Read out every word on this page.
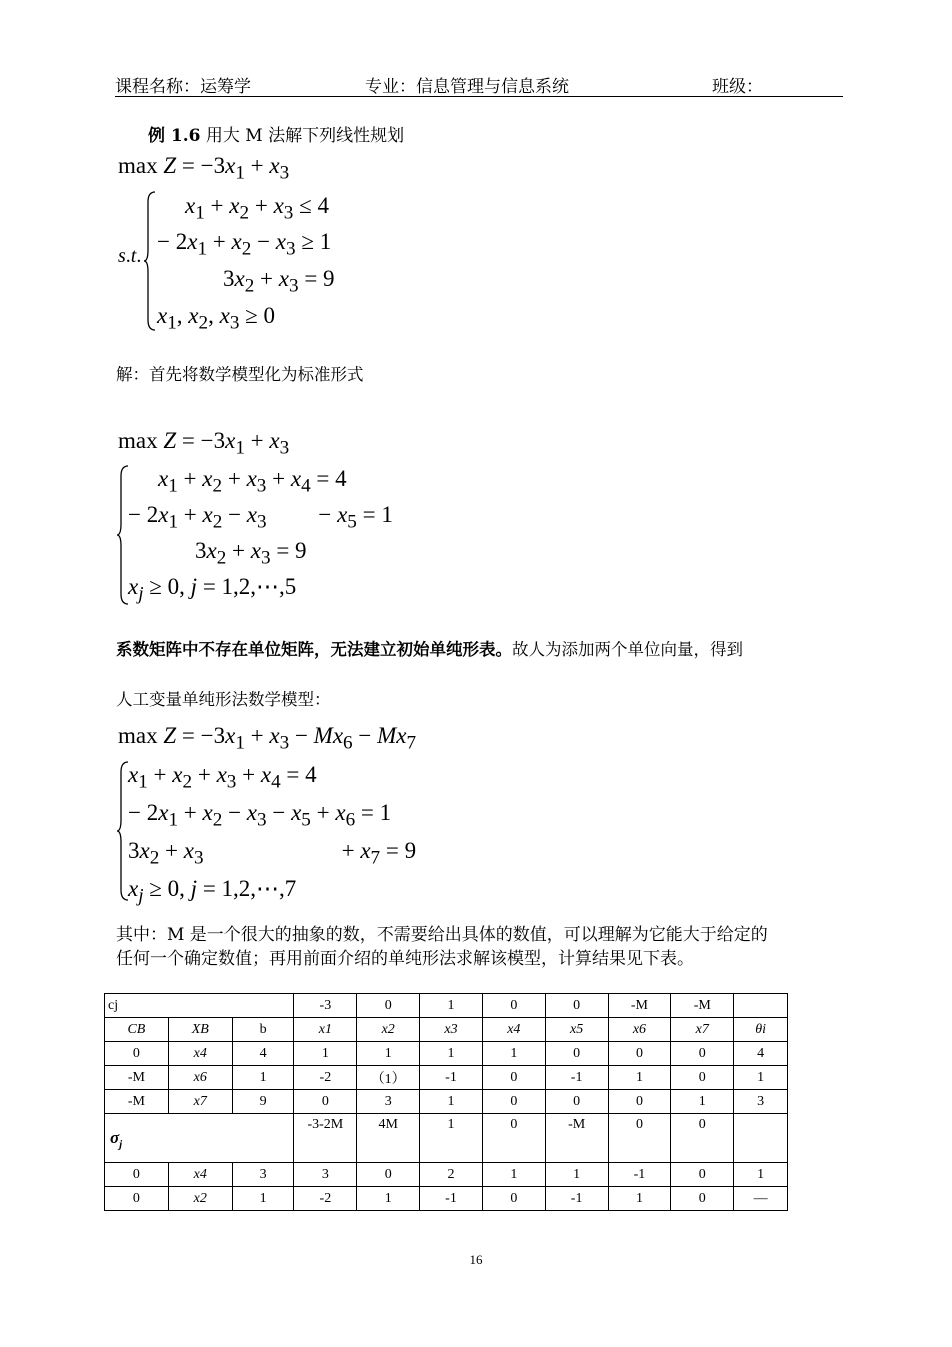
课程名称：运筹学	专业：信息管理与信息系统	班级：
例 1.6 用大 M 法解下列线性规划
$\max Z = -3x_1 + x_3$
s.t.
$x_1 + x_2 + x_3 \le 4$
− $2x_1 + x_2 - x_3 \ge 1$
$3x_2 + x_3 = 9$
$x_1$, $x_2$, $x_3 \ge 0$
解：首先将数学模型化为标准形式
$\max Z = -3x_1 + x_3$
$x_1 + x_2 + x_3 + x_4 = 4$
− $2x_1 + x_2 - x_3$         − $x_5 = 1$
$3x_2 + x_3 = 9$
$x_j \ge 0$, j = 1,2,⋯,5
系数矩阵中不存在单位矩阵，无法建立初始单纯形表。故人为添加两个单位向量，得到
人工变量单纯形法数学模型：
$\max Z = -3x_1 + x_3 - Mx_6 - Mx_7$
$x_1 + x_2 + x_3 + x_4 = 4$
− $2x_1 + x_2 - x_3 - x_5 + x_6 = 1$
$3x_2 + x_3$                        + $x_7 = 9$
$x_j \ge 0$, j = 1,2,⋯,7
其中：M 是一个很大的抽象的数，不需要给出具体的数值，可以理解为它能大于给定的
任何一个确定数值；再用前面介绍的单纯形法求解该模型，计算结果见下表。
cj			-3	0	1	0	0	-M	-M	
CB	XB	b	x1	x2	x3	x4	x5	x6	x7	θi
0	x4	4	1	1	1	1	0	0	0	4
-M	x6	1	-2	（1）	-1	0	-1	1	0	1
-M	x7	9	0	3	1	0	0	0	1	3
$\sigma_j$			-3-2M	4M	1	0	-M	0	0	
0	x4	3	3	0	2	1	1	-1	0	1
0	x2	1	-2	1	-1	0	-1	1	0	—
16
